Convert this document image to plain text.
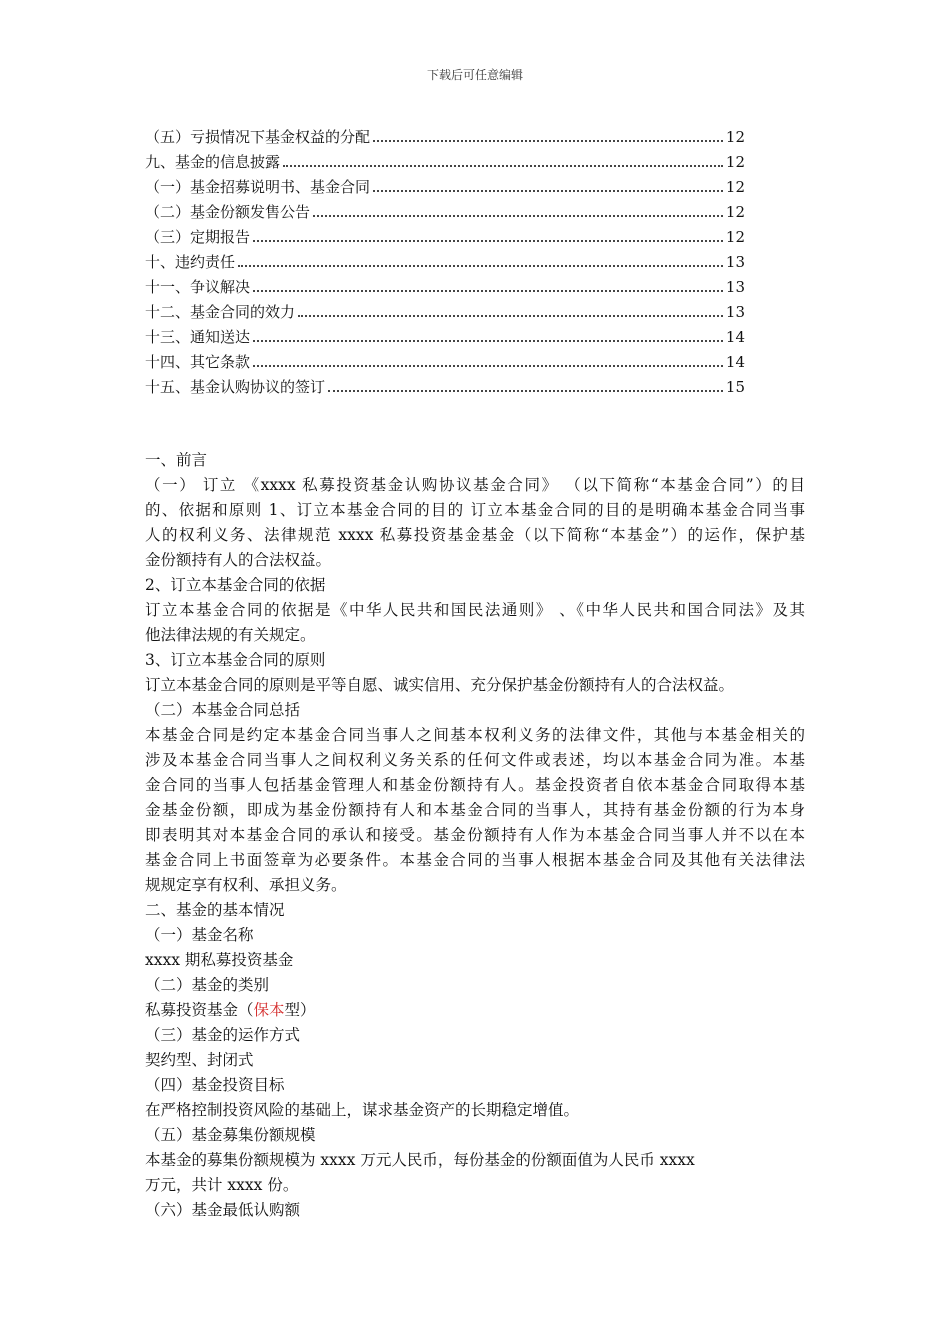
下载后可任意编辑
（五）亏损情况下基金权益的分配	12
九、基金的信息披露	12
（一）基金招募说明书、基金合同	12
（二）基金份额发售公告	12
（三）定期报告	12
十、违约责任	13
十一、争议解决	13
十二、基金合同的效力	13
十三、通知送达	14
十四、其它条款	14
十五、基金认购协议的签订	15
一、前言
（一） 订立 《xxxx 私募投资基金认购协议基金合同》 （以下简称“本基金合同”）的目
的、依据和原则 1、订立本基金合同的目的 订立本基金合同的目的是明确本基金合同当事
人的权利义务、法律规范 xxxx 私募投资基金基金（以下简称“本基金”）的运作，保护基
金份额持有人的合法权益。
2、订立本基金合同的依据
订立本基金合同的依据是《中华人民共和国民法通则》 、《中华人民共和国合同法》及其
他法律法规的有关规定。
3、订立本基金合同的原则
订立本基金合同的原则是平等自愿、诚实信用、充分保护基金份额持有人的合法权益。
（二）本基金合同总括
本基金合同是约定本基金合同当事人之间基本权利义务的法律文件，其他与本基金相关的
涉及本基金合同当事人之间权利义务关系的任何文件或表述，均以本基金合同为准。本基
金合同的当事人包括基金管理人和基金份额持有人。基金投资者自依本基金合同取得本基
金基金份额，即成为基金份额持有人和本基金合同的当事人，其持有基金份额的行为本身
即表明其对本基金合同的承认和接受。基金份额持有人作为本基金合同当事人并不以在本
基金合同上书面签章为必要条件。本基金合同的当事人根据本基金合同及其他有关法律法
规规定享有权利、承担义务。
二、基金的基本情况
（一）基金名称
xxxx 期私募投资基金
（二）基金的类别
私募投资基金（保本型）
（三）基金的运作方式
契约型、封闭式
（四）基金投资目标
在严格控制投资风险的基础上，谋求基金资产的长期稳定增值。
（五）基金募集份额规模
本基金的募集份额规模为 xxxx 万元人民币，每份基金的份额面值为人民币 xxxx
万元，共计 xxxx 份。
（六）基金最低认购额
